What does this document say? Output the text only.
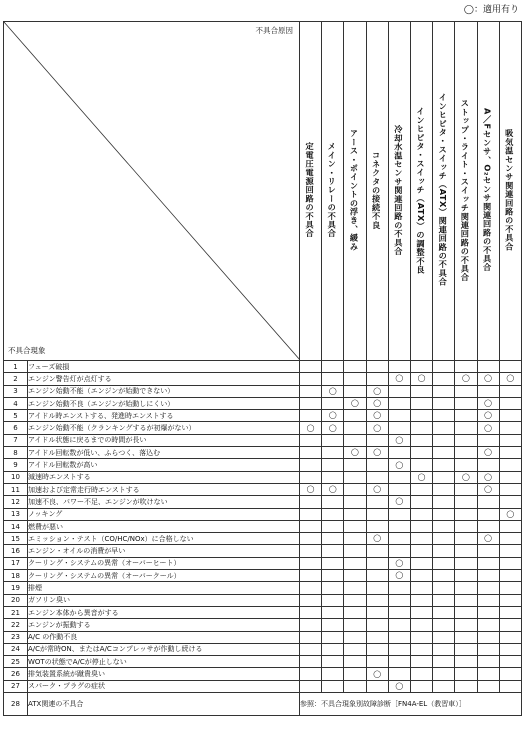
◯：適用有り
不具合原因
不具合現象		定電圧電源回路の不具合	メイン・リレーの不具合	アース・ポイントの浮き、緩み	コネクタの接続不良	冷却水温センサ関連回路の不具合	インヒビタ・スイッチ（ATX）の調整不良	インヒビタ・スイッチ（ATX）関連回路の不具合	ストップ・ライト・スイッチ関連回路の不具合	A／Fセンサ、O₂センサ関連回路の不具合	吸気温センサ関連回路の不具合
1	フューズ破損										
2	エンジン警告灯が点灯する					◯	◯		◯	◯	◯
3	エンジン始動不能（エンジンが始動できない）		◯		◯						
4	エンジン始動不良（エンジンが始動しにくい）			◯	◯					◯	
5	アイドル時エンストする、発進時エンストする		◯		◯					◯	
6	エンジン始動不能（クランキングするが初爆がない）	◯	◯		◯					◯	
7	アイドル状態に戻るまでの時間が長い					◯					
8	アイドル回転数が低い、ふらつく、落込む			◯	◯					◯	
9	アイドル回転数が高い					◯					
10	減速時エンストする						◯		◯	◯	
11	加速および定常走行時エンストする	◯	◯		◯					◯	
12	加速不良、パワー不足、エンジンが吹けない					◯					
13	ノッキング										◯
14	燃費が悪い										
15	エミッション・テスト（CO/HC/NOx）に合格しない				◯					◯	
16	エンジン・オイルの消費が早い										
17	クーリング・システムの異常（オーバーヒート）					◯					
18	クーリング・システムの異常（オーバークール）					◯					
19	排煙										
20	ガソリン臭い										
21	エンジン本体から異音がする										
22	エンジンが振動する										
23	A/C の作動不良										
24	A/Cが常時ON、またはA/Cコンプレッサが作動し続ける										
25	WOTの状態でA/Cが停止しない										
26	排気装置系統が蹴貴臭い				◯						
27	スパーク・プラグの症状					◯					
28	ATX関連の不具合	参照：不具合現象別故障診断［FN4A-EL（教習車）］									
